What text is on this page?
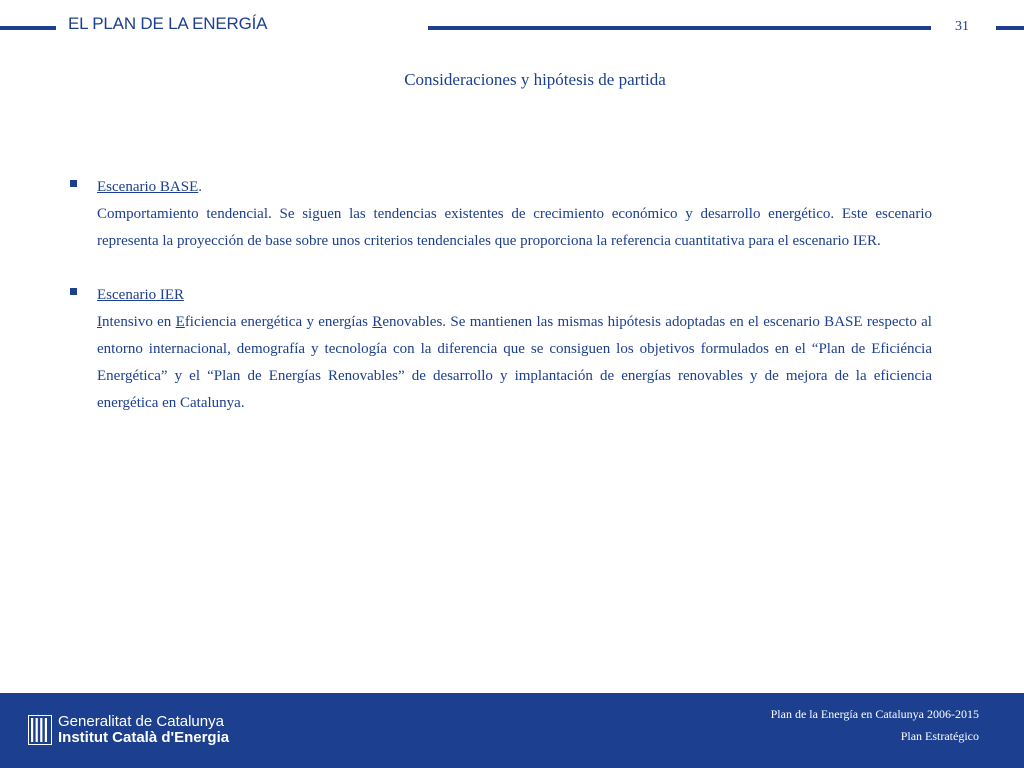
EL PLAN DE LA ENERGÍA	31
Consideraciones y hipótesis de partida

Escenario BASE.

Comportamiento tendencial. Se siguen las tendencias existentes de crecimiento económico y desarrollo energético. Este escenario representa la proyección de base sobre unos criterios tendenciales que proporciona la referencia cuantitativa para el escenario IER.

Escenario IER

Intensivo en Eficiencia energética y energías Renovables. Se mantienen las mismas hipótesis adoptadas en el escenario BASE respecto al entorno internacional, demografía y tecnología con la diferencia que se consiguen los objetivos formulados en el “Plan de Eficiéncia Energética” y el “Plan de Energías Renovables” de desarrollo y implantación de energías renovables y de mejora de la eficiencia energética en Catalunya.

Generalitat de Catalunya
Institut Català d'Energia
Plan de la Energía en Catalunya 2006-2015
Plan Estratégico
